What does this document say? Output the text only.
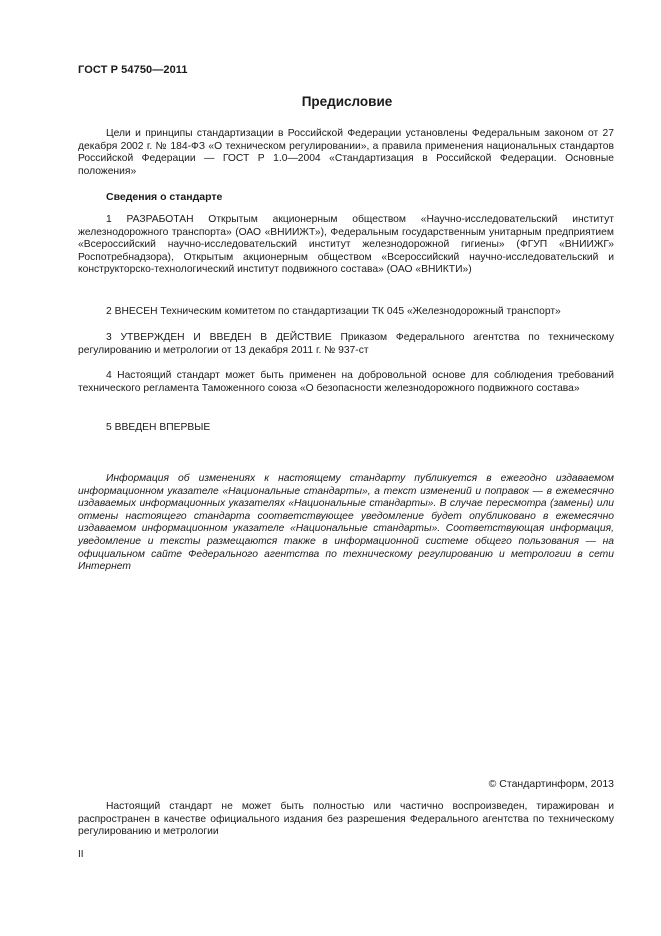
ГОСТ Р 54750—2011
Предисловие

Цели и принципы стандартизации в Российской Федерации установлены Федеральным законом от 27 декабря 2002 г. № 184-ФЗ «О техническом регулировании», а правила применения национальных стандартов Российской Федерации — ГОСТ Р 1.0—2004 «Стандартизация в Российской Федерации. Основные положения»

Сведения о стандарте

1 РАЗРАБОТАН Открытым акционерным обществом «Научно-исследовательский институт железнодорожного транспорта» (ОАО «ВНИИЖТ»), Федеральным государственным унитарным предприятием «Всероссийский научно-исследовательский институт железнодорожной гигиены» (ФГУП «ВНИИЖГ» Роспотребнадзора), Открытым акционерным обществом «Всероссийский научно-исследовательский и конструкторско-технологический институт подвижного состава» (ОАО «ВНИКТИ»)

2 ВНЕСЕН Техническим комитетом по стандартизации ТК 045 «Железнодорожный транспорт»

3 УТВЕРЖДЕН И ВВЕДЕН В ДЕЙСТВИЕ Приказом Федерального агентства по техническому регулированию и метрологии от 13 декабря 2011 г. № 937-ст

4 Настоящий стандарт может быть применен на добровольной основе для соблюдения требований технического регламента Таможенного союза «О безопасности железнодорожного подвижного состава»

5 ВВЕДЕН ВПЕРВЫЕ

Информация об изменениях к настоящему стандарту публикуется в ежегодно издаваемом информационном указателе «Национальные стандарты», а текст изменений и поправок — в ежемесячно издаваемых информационных указателях «Национальные стандарты». В случае пересмотра (замены) или отмены настоящего стандарта соответствующее уведомление будет опубликовано в ежемесячно издаваемом информационном указателе «Национальные стандарты». Соответствующая информация, уведомление и тексты размещаются также в информационной системе общего пользования — на официальном сайте Федерального агентства по техническому регулированию и метрологии в сети Интернет

© Стандартинформ, 2013

Настоящий стандарт не может быть полностью или частично воспроизведен, тиражирован и распространен в качестве официального издания без разрешения Федерального агентства по техническому регулированию и метрологии

II
